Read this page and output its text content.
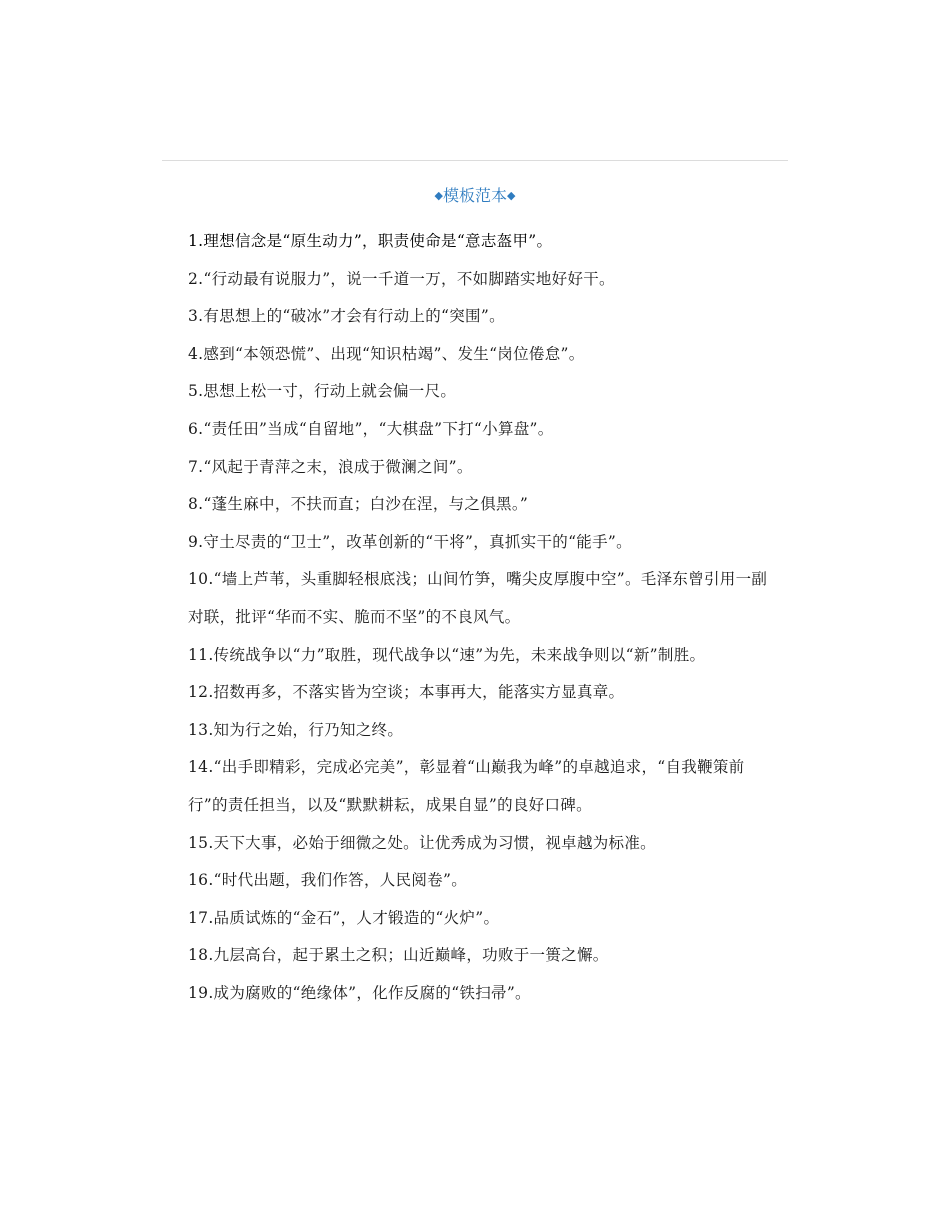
◆模板范本◆

1.理想信念是“原生动力”，职责使命是“意志盔甲”。

2.“行动最有说服力”，说一千道一万，不如脚踏实地好好干。

3.有思想上的“破冰”才会有行动上的“突围”。

4.感到“本领恐慌”、出现“知识枯竭”、发生“岗位倦怠”。

5.思想上松一寸，行动上就会偏一尺。

6.“责任田”当成“自留地”，“大棋盘”下打“小算盘”。

7.“风起于青萍之末，浪成于微澜之间”。

8.“蓬生麻中，不扶而直；白沙在涅，与之俱黑。”

9.守土尽责的“卫士”，改革创新的“干将”，真抓实干的“能手”。

10.“墙上芦苇，头重脚轻根底浅；山间竹笋，嘴尖皮厚腹中空”。毛泽东曾引用一副对联，批评“华而不实、脆而不坚”的不良风气。

11.传统战争以“力”取胜，现代战争以“速”为先，未来战争则以“新”制胜。

12.招数再多，不落实皆为空谈；本事再大，能落实方显真章。

13.知为行之始，行乃知之终。

14.“出手即精彩，完成必完美”，彰显着“山巅我为峰”的卓越追求，“自我鞭策前行”的责任担当，以及“默默耕耘，成果自显”的良好口碑。

15.天下大事，必始于细微之处。让优秀成为习惯，视卓越为标准。

16.“时代出题，我们作答，人民阅卷”。

17.品质试炼的“金石”，人才锻造的“火炉”。

18.九层高台，起于累土之积；山近巅峰，功败于一篑之懈。

19.成为腐败的“绝缘体”，化作反腐的“铁扫帚”。
